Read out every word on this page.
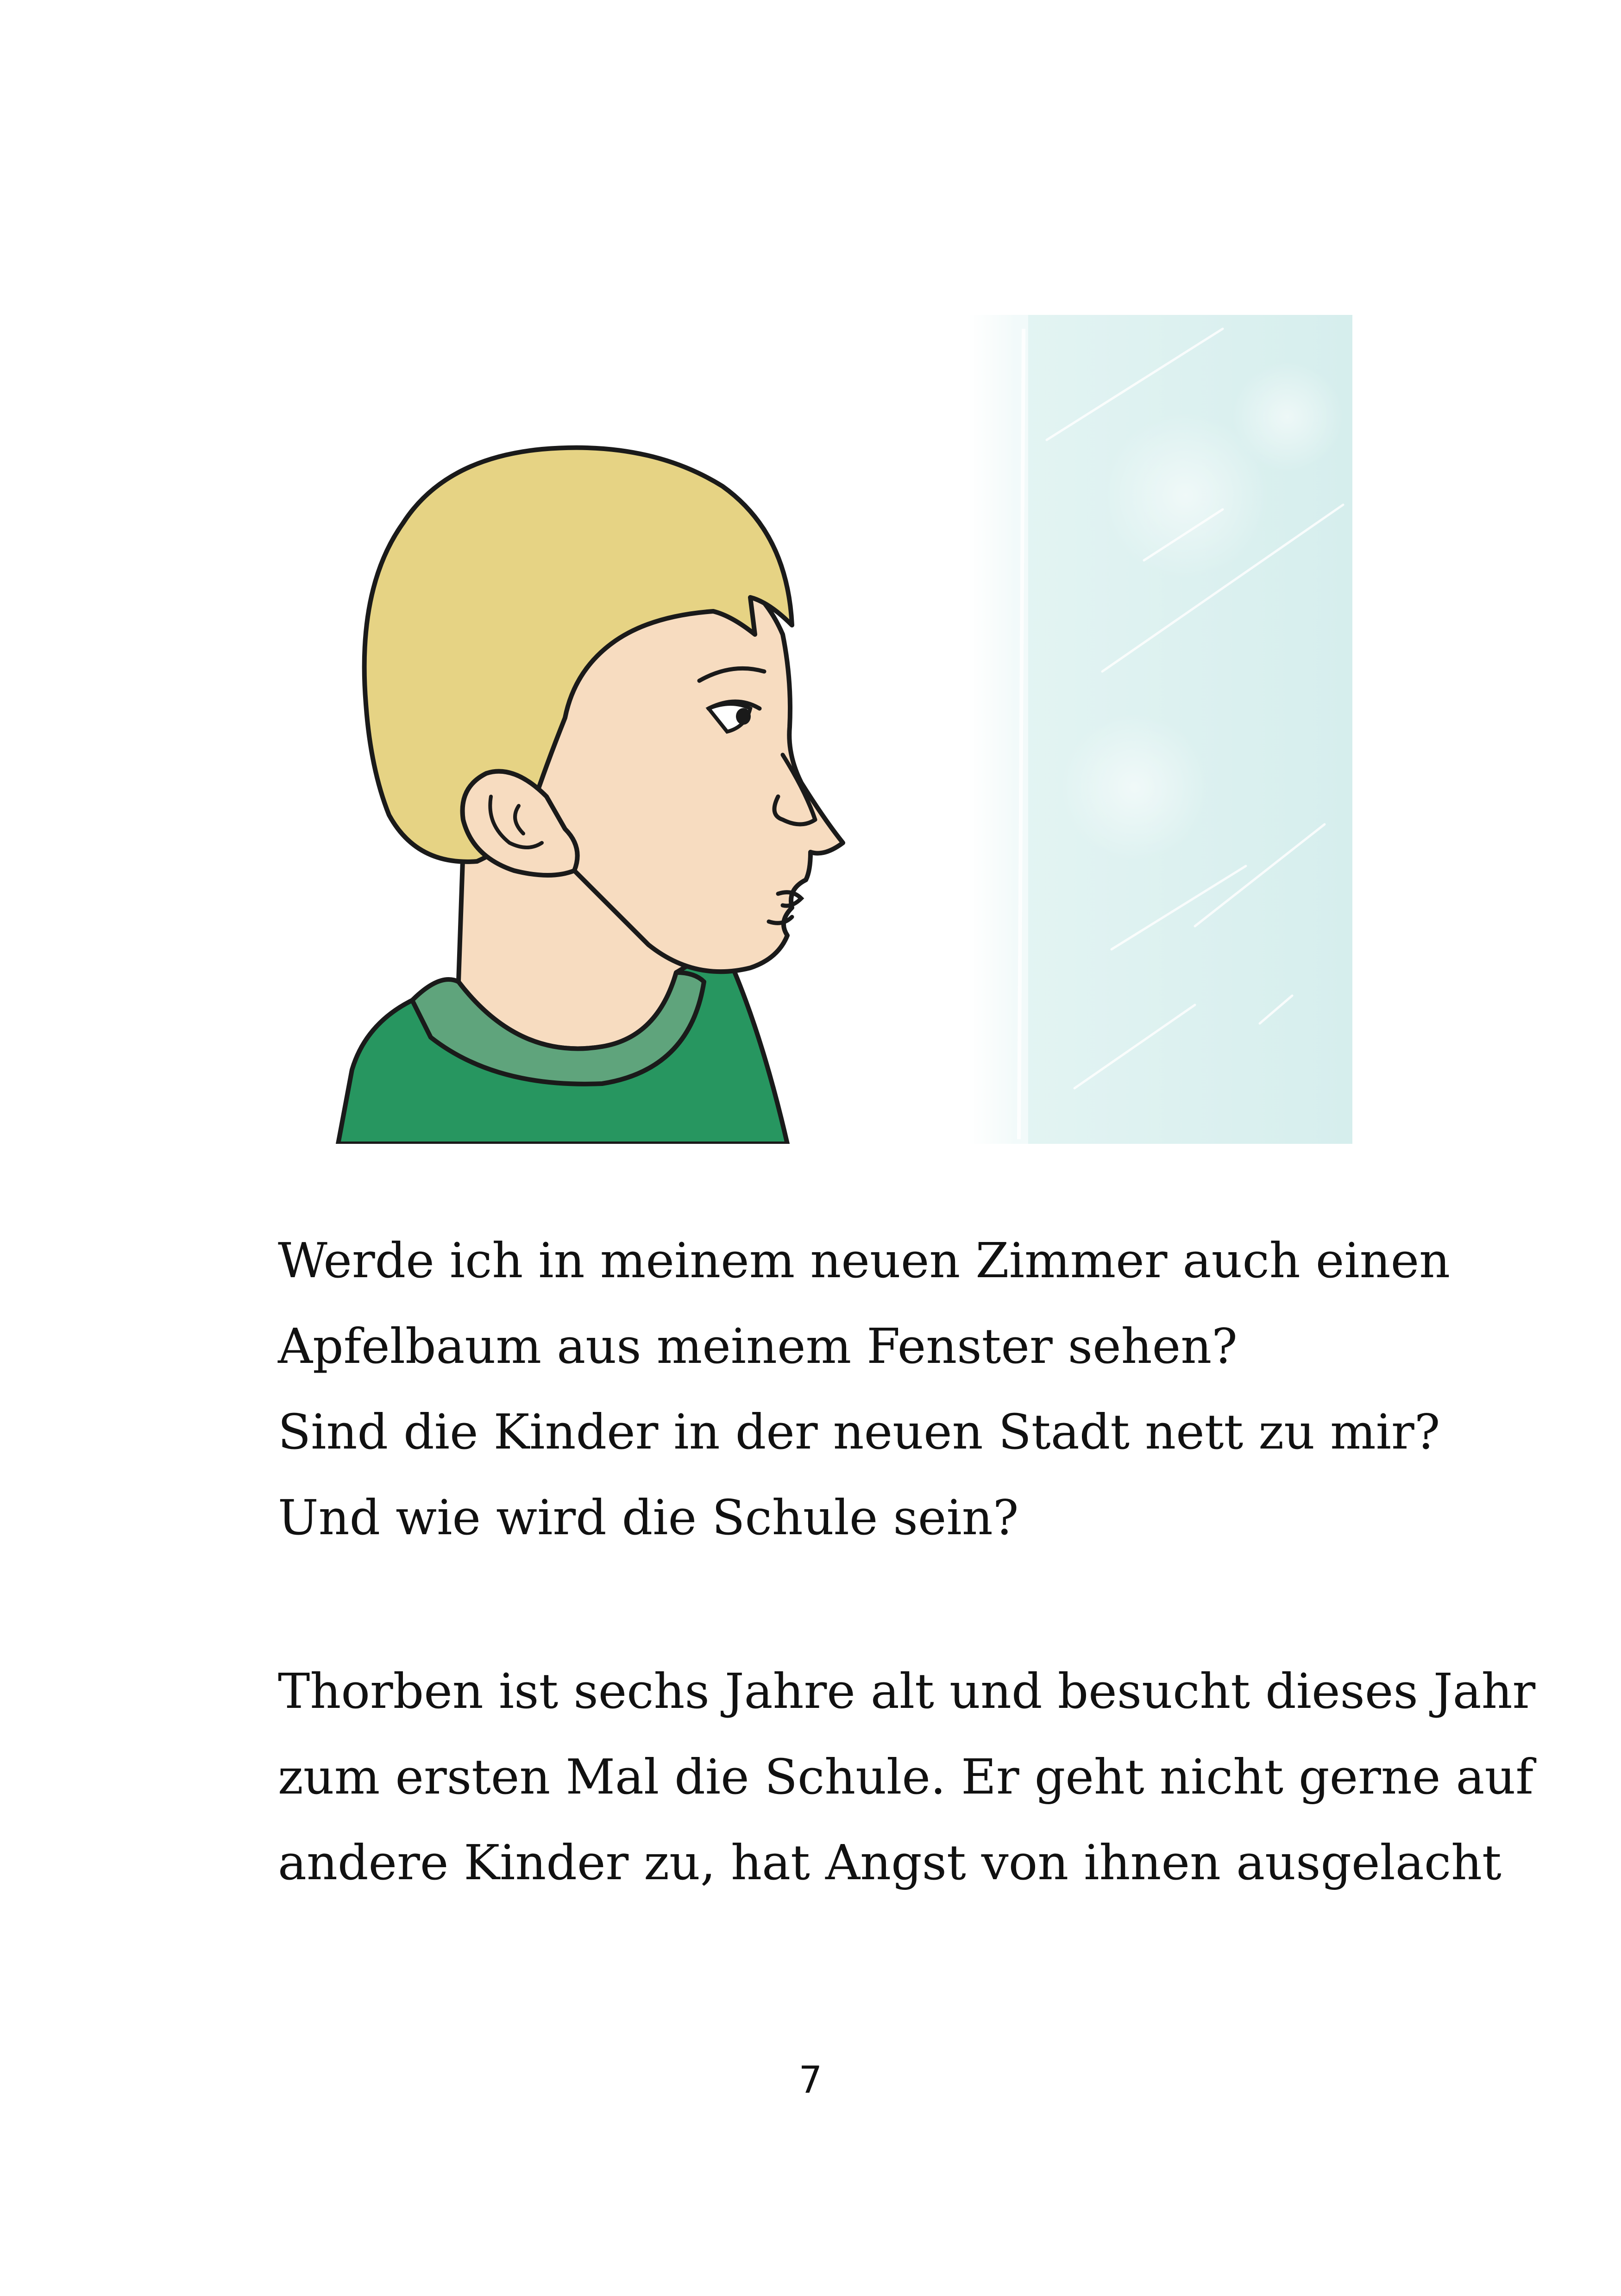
Werde ich in meinem neuen Zimmer auch einen
Apfelbaum aus meinem Fenster sehen?
Sind die Kinder in der neuen Stadt nett zu mir?
Und wie wird die Schule sein?
Thorben ist sechs Jahre alt und besucht dieses Jahr
zum ersten Mal die Schule. Er geht nicht gerne auf
andere Kinder zu, hat Angst von ihnen ausgelacht
7
